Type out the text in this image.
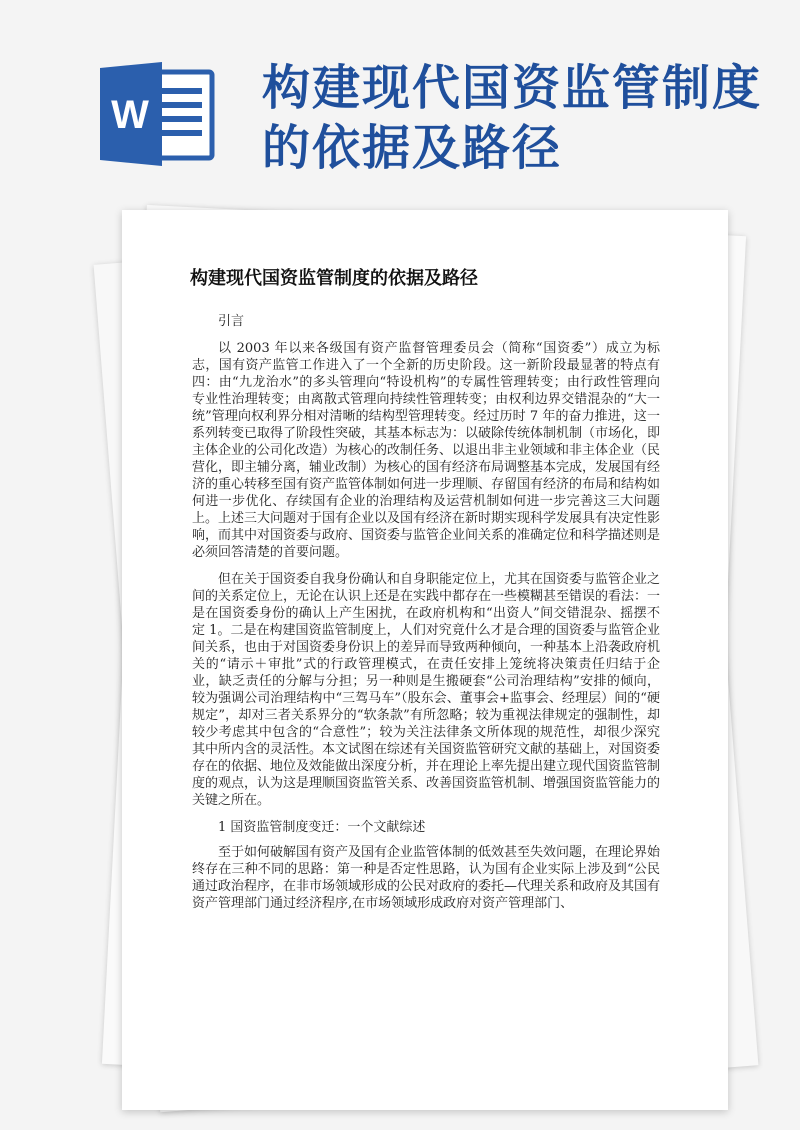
W 构建现代国资监管制度的依据及路径
构建现代国资监管制度的依据及路径

引言

以 2003 年以来各级国有资产监督管理委员会（简称“国资委”）成立为标志，国有资产监管工作进入了一个全新的历史阶段。这一新阶段最显著的特点有四：由“九龙治水”的多头管理向“特设机构”的专属性管理转变；由行政性管理向专业性治理转变；由离散式管理向持续性管理转变；由权利边界交错混杂的“大一统”管理向权利界分相对清晰的结构型管理转变。经过历时 7 年的奋力推进，这一系列转变已取得了阶段性突破，其基本标志为：以破除传统体制机制（市场化，即主体企业的公司化改造）为核心的改制任务、以退出非主业领域和非主体企业（民营化，即主辅分离，辅业改制）为核心的国有经济布局调整基本完成，发展国有经济的重心转移至国有资产监管体制如何进一步理顺、存留国有经济的布局和结构如何进一步优化、存续国有企业的治理结构及运营机制如何进一步完善这三大问题上。上述三大问题对于国有企业以及国有经济在新时期实现科学发展具有决定性影响，而其中对国资委与政府、国资委与监管企业间关系的准确定位和科学描述则是必须回答清楚的首要问题。

但在关于国资委自我身份确认和自身职能定位上，尤其在国资委与监管企业之间的关系定位上，无论在认识上还是在实践中都存在一些模糊甚至错误的看法：一是在国资委身份的确认上产生困扰，在政府机构和“出资人”间交错混杂、摇摆不定 1。二是在构建国资监管制度上，人们对究竟什么才是合理的国资委与监管企业间关系，也由于对国资委身份识上的差异而导致两种倾向，一种基本上沿袭政府机关的“请示＋审批”式的行政管理模式，在责任安排上笼统将决策责任归结于企业，缺乏责任的分解与分担；另一种则是生搬硬套“公司治理结构”安排的倾向，较为强调公司治理结构中“三驾马车”（股东会、董事会+监事会、经理层）间的“硬规定”，却对三者关系界分的“软条款”有所忽略；较为重视法律规定的强制性，却较少考虑其中包含的“合意性”；较为关注法律条文所体现的规范性，却很少深究其中所内含的灵活性。本文试图在综述有关国资监管研究文献的基础上，对国资委存在的依据、地位及效能做出深度分析，并在理论上率先提出建立现代国资监管制度的观点，认为这是理顺国资监管关系、改善国资监管机制、增强国资监管能力的关键之所在。

1 国资监管制度变迁：一个文献综述

至于如何破解国有资产及国有企业监管体制的低效甚至失效问题，在理论界始终存在三种不同的思路：第一种是否定性思路，认为国有企业实际上涉及到“公民通过政治程序，在非市场领域形成的公民对政府的委托—代理关系和政府及其国有资产管理部门通过经济程序,在市场领域形成政府对资产管理部门、
